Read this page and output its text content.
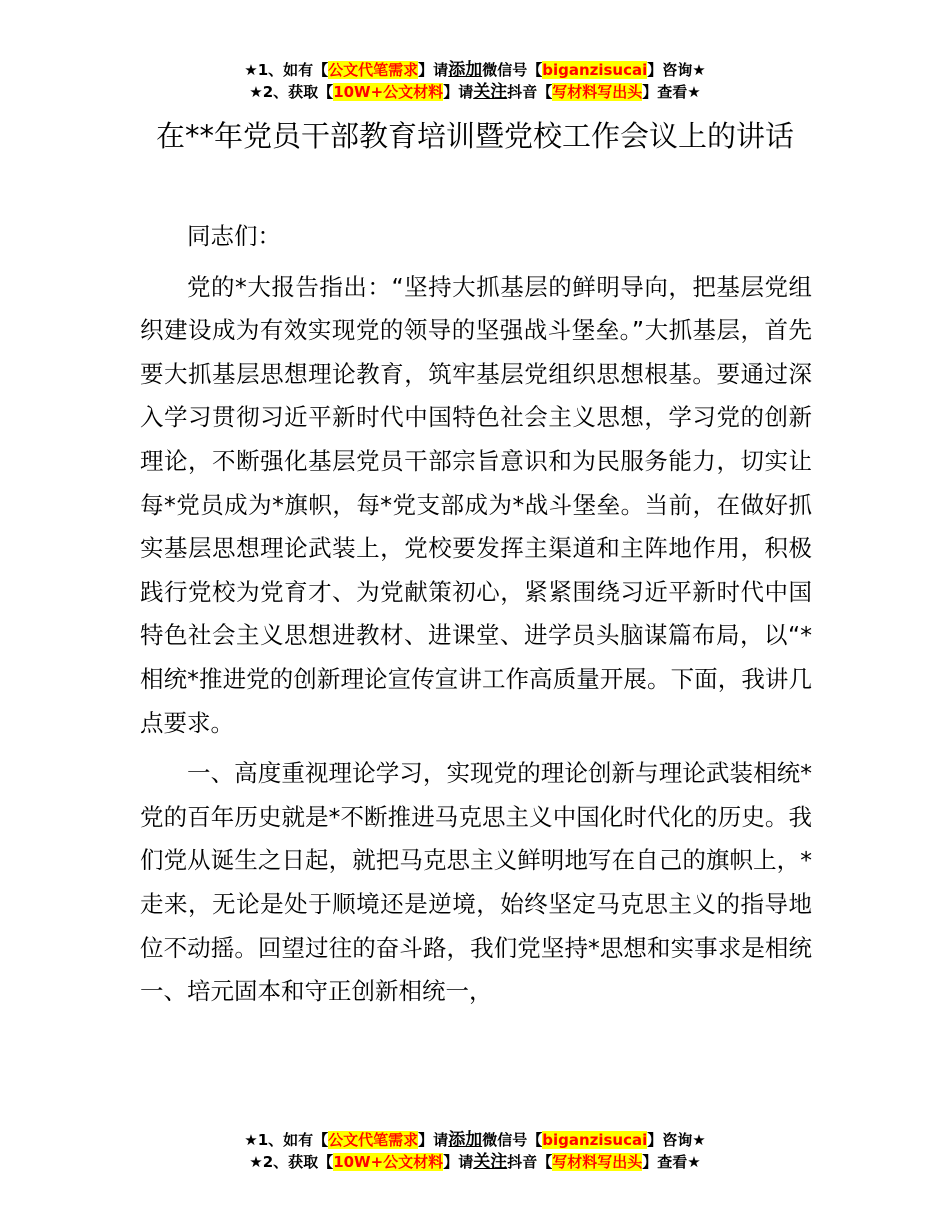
★1、如有【公文代笔需求】请添加微信号【biganzisucai】咨询★
★2、获取【10W+公文材料】请关注抖音【写材料写出头】查看★
在**年党员干部教育培训暨党校工作会议上的讲话

同志们：

党的*大报告指出：“坚持大抓基层的鲜明导向，把基层党组织建设成为有效实现党的领导的坚强战斗堡垒。”大抓基层，首先要大抓基层思想理论教育，筑牢基层党组织思想根基。要通过深入学习贯彻习近平新时代中国特色社会主义思想，学习党的创新理论，不断强化基层党员干部宗旨意识和为民服务能力，切实让每*党员成为*旗帜，每*党支部成为*战斗堡垒。当前，在做好抓实基层思想理论武装上，党校要发挥主渠道和主阵地作用，积极践行党校为党育才、为党献策初心，紧紧围绕习近平新时代中国特色社会主义思想进教材、进课堂、进学员头脑谋篇布局，以“*相统*推进党的创新理论宣传宣讲工作高质量开展。下面，我讲几点要求。

一、高度重视理论学习，实现党的理论创新与理论武装相统*党的百年历史就是*不断推进马克思主义中国化时代化的历史。我们党从诞生之日起，就把马克思主义鲜明地写在自己的旗帜上，*走来，无论是处于顺境还是逆境，始终坚定马克思主义的指导地位不动摇。回望过往的奋斗路，我们党坚持*思想和实事求是相统一、培元固本和守正创新相统一，

★1、如有【公文代笔需求】请添加微信号【biganzisucai】咨询★
★2、获取【10W+公文材料】请关注抖音【写材料写出头】查看★
